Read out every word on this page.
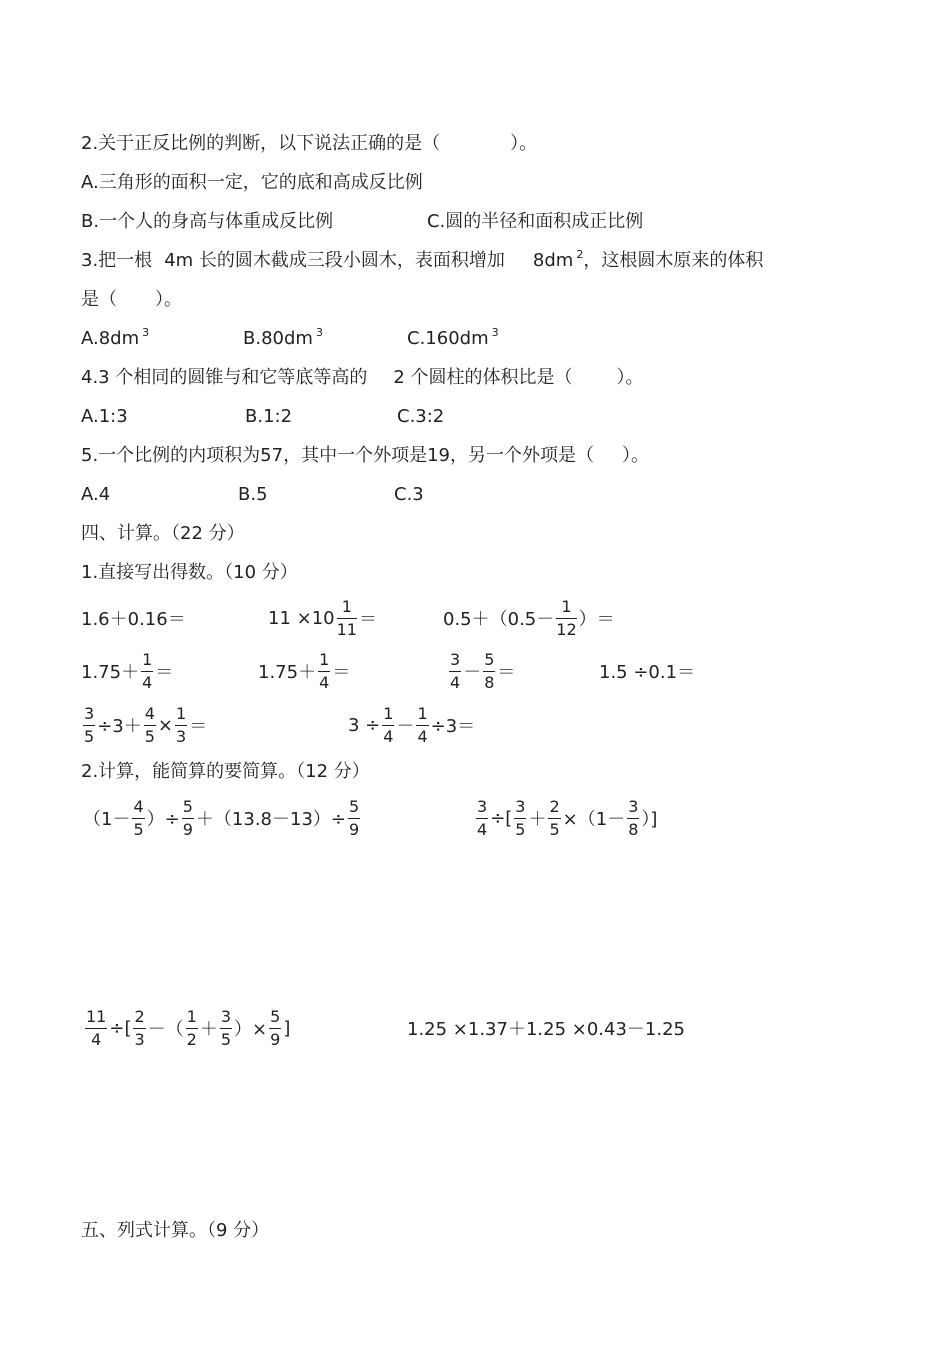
2.关于正反比例的判断，以下说法正确的是（	）。
A.三角形的面积一定，它的底和高成反比例
B.一个人的身高与体重成反比例	C.圆的半径和面积成正比例
3.把一根 4m 长的圆木截成三段小圆木，表面积增加 8dm $^2$，这根圆木原来的体积
是（ ）。
A.8dm $^3$	B.80dm $^3$	C.160dm $^3$
4.3 个相同的圆锥与和它等底等高的 2 个圆柱的体积比是（ ）。
A.1:3	B.1:2	C.3:2
5.一个比例的内项积为57，其中一个外项是19，另一个外项是（ ）。
A.4	B.5	C.3
四、计算。（22 分）
1.直接写出得数。（10 分）
1.6＋0.16＝	$11 \times 10 \frac{1}{11}$ ＝	$0.5+(0.5- \frac{1}{12}$ ）＝
$1.75+ \frac{1}{4}$ ＝	$1.75+ \frac{1}{4}$ ＝	$\frac{3}{4} - \frac{5}{8}$ ＝	1.5 ÷0.1＝
$\frac{3}{5} \div 3+ \frac{4}{5} \times \frac{1}{3}$ ＝	$3 \div \frac{1}{4} - \frac{1}{4} \div 3=$
2.计算，能简算的要简算。（12 分）
（$1- \frac{4}{5}$ ）÷ $\frac{5}{9} +(13.8-13)\div \frac{5}{9}$	$\frac{3}{4}$ ÷[ $\frac{3}{5} + \frac{2}{5} \times(1- \frac{3}{8}$ ）]
$\frac{11}{4}$ ÷[ $\frac{2}{3}$ －（ $\frac{1}{2} + \frac{3}{5}$ ）× $\frac{5}{9}$ ]	1.25 ×1.37＋1.25 ×0.43－1.25
五、列式计算。（9 分）
